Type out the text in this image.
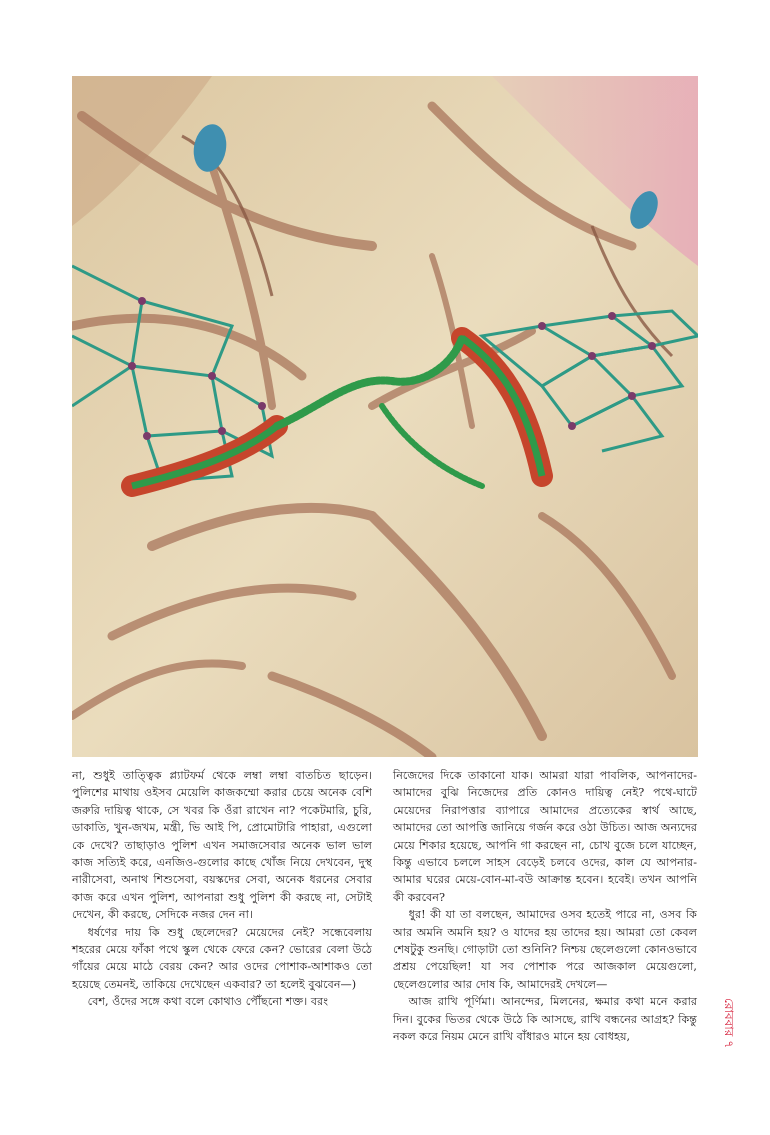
না, শুধুই তাত্ত্বিক প্ল্যাটফর্ম থেকে লম্বা লম্বা বাতচিত ছাড়েন। পুলিশের মাথায় ওইসব মেয়েলি কাজকম্মো করার চেয়ে অনেক বেশি জরুরি দায়িত্ব থাকে, সে খবর কি ওঁরা রাখেন না? পকেটমারি, চুরি, ডাকাতি, খুন-জখম, মন্ত্রী, ভি আই পি, প্রোমোটারি পাহারা, এগুলো কে দেখে? তাছাড়াও পুলিশ এখন সমাজসেবার অনেক ভাল ভাল কাজ সত্যিই করে, এনজিও-গুলোর কাছে খোঁজ নিয়ে দেখবেন, দুস্থ নারীসেবা, অনাথ শিশুসেবা, বয়স্কদের সেবা, অনেক ধরনের সেবার কাজ করে এখন পুলিশ, আপনারা শুধু পুলিশ কী করছে না, সেটাই দেখেন, কী করছে, সেদিকে নজর দেন না।

ধর্ষণের দায় কি শুধু ছেলেদের? মেয়েদের নেই? সন্ধেবেলায় শহরের মেয়ে ফাঁকা পথে স্কুল থেকে ফেরে কেন? ভোরের বেলা উঠে গাঁয়ের মেয়ে মাঠে বেরয় কেন? আর ওদের পোশাক-আশাকও তো হয়েছে তেমনই, তাকিয়ে দেখেছেন একবার? তা হলেই বুঝবেন—)

বেশ, ওঁদের সঙ্গে কথা বলে কোথাও পৌঁছনো শক্ত। বরং

নিজেদের দিকে তাকানো যাক। আমরা যারা পাবলিক, আপনাদের-আমাদের বুঝি নিজেদের প্রতি কোনও দায়িত্ব নেই? পথে-ঘাটে মেয়েদের নিরাপত্তার ব্যাপারে আমাদের প্রত্যেকের স্বার্থ আছে, আমাদের তো আপত্তি জানিয়ে গর্জন করে ওঠা উচিত। আজ অন্যদের মেয়ে শিকার হয়েছে, আপনি গা করছেন না, চোখ বুজে চলে যাচ্ছেন, কিন্তু এভাবে চললে সাহস বেড়েই চলবে ওদের, কাল যে আপনার-আমার ঘরের মেয়ে-বোন-মা-বউ আক্রান্ত হবেন। হবেই। তখন আপনি কী করবেন?

ধুর! কী যা তা বলছেন, আমাদের ওসব হতেই পারে না, ওসব কি আর অমনি অমনি হয়? ও যাদের হয় তাদের হয়। আমরা তো কেবল শেষটুকু শুনছি। গোড়াটা তো শুনিনি? নিশ্চয় ছেলেগুলো কোনওভাবে প্রশ্রয় পেয়েছিল! যা সব পোশাক পরে আজকাল মেয়েগুলো, ছেলেগুলোর আর দোষ কি, আমাদেরই দেখলে—

আজ রাখি পূর্ণিমা। আনন্দের, মিলনের, ক্ষমার কথা মনে করার দিন। বুকের ভিতর থেকে উঠে কি আসছে, রাখি বন্ধনের আগ্রহ? কিন্তু নকল করে নিয়ম মেনে রাখি বাঁধারও মানে হয় বোধহয়,	রোববার ৭
